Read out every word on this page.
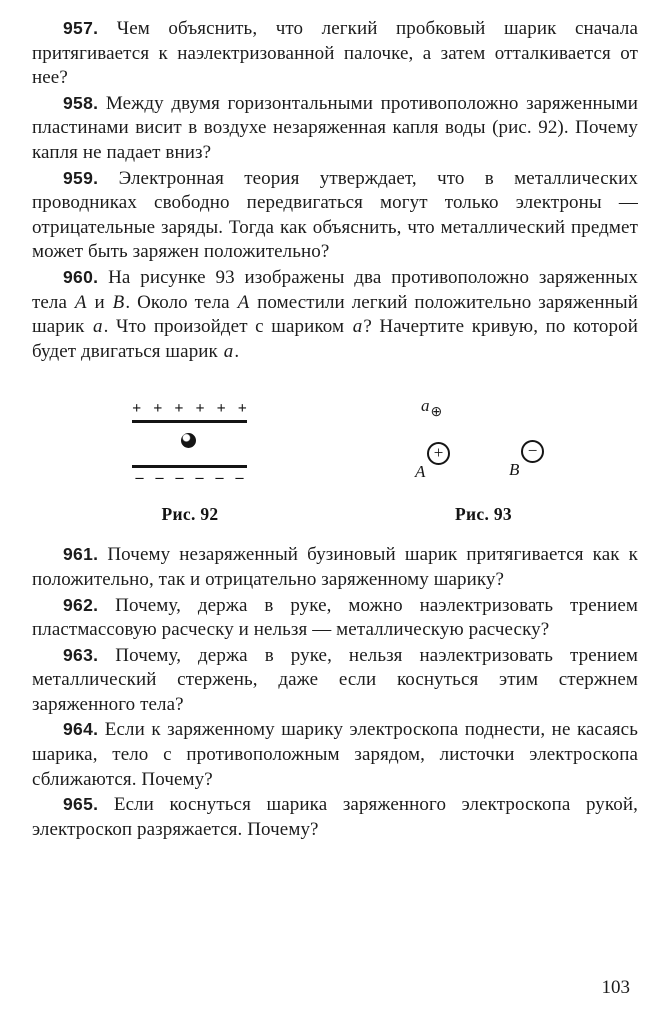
957. Чем объяснить, что легкий пробковый шарик сначала притягивается к наэлектризованной палочке, а затем отталкивается от нее?

958. Между двумя горизонтальными противоположно заряженными пластинами висит в воздухе незаряженная капля воды (рис. 92). Почему капля не падает вниз?

959. Электронная теория утверждает, что в металлических проводниках свободно передвигаться могут только электроны — отрицательные заряды. Тогда как объяснить, что металлический предмет может быть заряжен положительно?

960. На рисунке 93 изображены два противоположно заряженных тела A и B. Около тела A поместили легкий положительно заряженный шарик a. Что произойдет с шариком a? Начертите кривую, по которой будет двигаться шарик a.

+ + + + + +
– – – – – –
Рис. 92
a⊕
+
A
−
B
Рис. 93

961. Почему незаряженный бузиновый шарик притягивается как к положительно, так и отрицательно заряженному шарику?

962. Почему, держа в руке, можно наэлектризовать трением пластмассовую расческу и нельзя — металлическую расческу?

963. Почему, держа в руке, нельзя наэлектризовать трением металлический стержень, даже если коснуться этим стержнем заряженного тела?

964. Если к заряженному шарику электроскопа поднести, не касаясь шарика, тело с противоположным зарядом, листочки электроскопа сближаются. Почему?

965. Если коснуться шарика заряженного электроскопа рукой, электроскоп разряжается. Почему?

103
